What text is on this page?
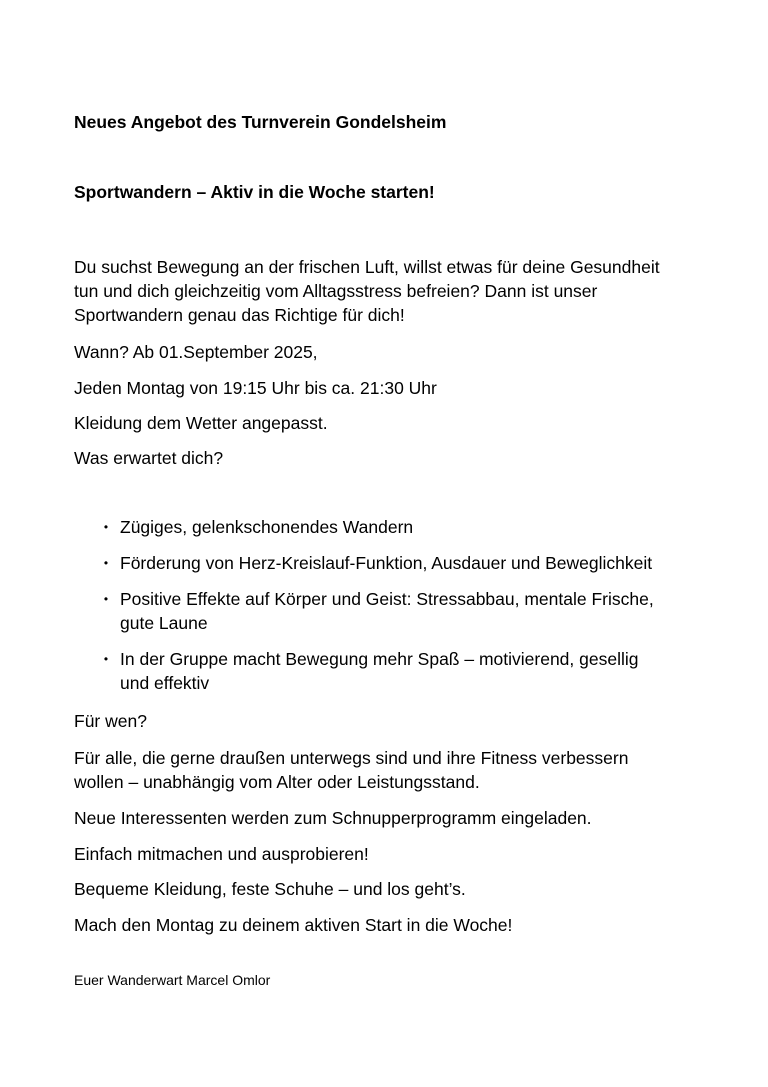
Neues Angebot des Turnverein Gondelsheim

Sportwandern – Aktiv in die Woche starten!

Du suchst Bewegung an der frischen Luft, willst etwas für deine Gesundheit

tun und dich gleichzeitig vom Alltagsstress befreien? Dann ist unser

Sportwandern genau das Richtige für dich!

Wann? Ab 01.September 2025,

Jeden Montag von 19:15 Uhr bis ca. 21:30 Uhr

Kleidung dem Wetter angepasst.

Was erwartet dich?

• Zügiges, gelenkschonendes Wandern
• Förderung von Herz-Kreislauf-Funktion, Ausdauer und Beweglichkeit
• Positive Effekte auf Körper und Geist: Stressabbau, mentale Frische,
gute Laune
• In der Gruppe macht Bewegung mehr Spaß – motivierend, gesellig
und effektiv

Für wen?

Für alle, die gerne draußen unterwegs sind und ihre Fitness verbessern

wollen – unabhängig vom Alter oder Leistungsstand.

Neue Interessenten werden zum Schnupperprogramm eingeladen.

Einfach mitmachen und ausprobieren!

Bequeme Kleidung, feste Schuhe – und los geht’s.

Mach den Montag zu deinem aktiven Start in die Woche!

Euer Wanderwart Marcel Omlor
